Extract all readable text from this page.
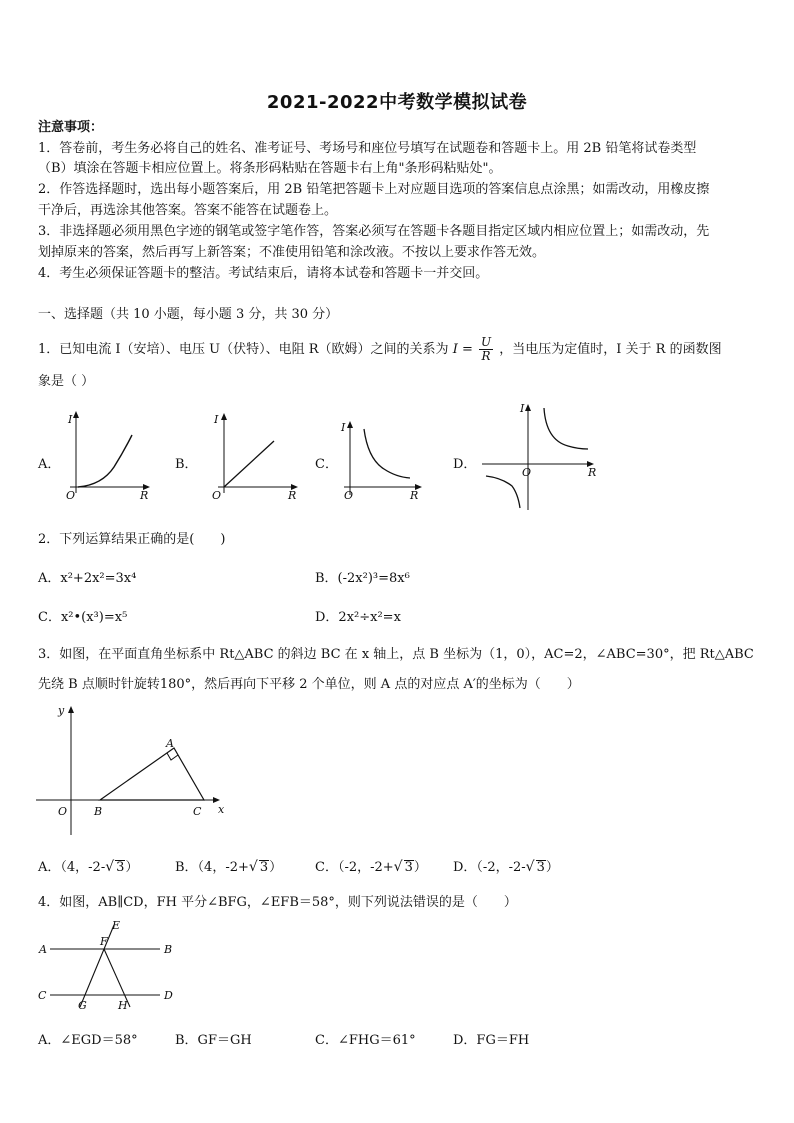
2021-2022中考数学模拟试卷
注意事项：
1．答卷前，考生务必将自己的姓名、准考证号、考场号和座位号填写在试题卷和答题卡上。用 2B 铅笔将试卷类型
（B）填涂在答题卡相应位置上。将条形码粘贴在答题卡右上角"条形码粘贴处"。
2．作答选择题时，选出每小题答案后，用 2B 铅笔把答题卡上对应题目选项的答案信息点涂黑；如需改动，用橡皮擦
干净后，再选涂其他答案。答案不能答在试题卷上。
3．非选择题必须用黑色字迹的钢笔或签字笔作答，答案必须写在答题卡各题目指定区域内相应位置上；如需改动，先
划掉原来的答案，然后再写上新答案；不准使用铅笔和涂改液。不按以上要求作答无效。
4．考生必须保证答题卡的整洁。考试结束后，请将本试卷和答题卡一并交回。
一、选择题（共 10 小题，每小题 3 分，共 30 分）
1．已知电流 I（安培）、电压 U（伏特）、电阻 R（欧姆）之间的关系为 $I = \frac{U}{R}$ ，当电压为定值时，I 关于 R 的函数图
象是（ ）
A．	B．	C．	D．
I
O	R
I
O	R
I
O	R
I
O	R
2．下列运算结果正确的是(　　)
A．x²+2x²=3x⁴	B．(-2x²)³=8x⁶
C．x²•(x³)=x⁵	D．2x²÷x²=x
3．如图，在平面直角坐标系中 Rt△ABC 的斜边 BC 在 x 轴上，点 B 坐标为（1，0），AC=2，∠ABC=30°，把 Rt△ABC
先绕 B 点顺时针旋转180°，然后再向下平移 2 个单位，则 A 点的对应点 A′的坐标为（　　）
y
x
O B	C
A
A．（4，-2-√ 3）	B．（4，-2+√ 3）	C．（-2，-2+√ 3） D．（-2，-2-√ 3）
4．如图，AB∥CD，FH 平分∠BFG，∠EFB＝58°，则下列说法错误的是（　　）
A	B
C	D
E
F
G	H
A．∠EGD＝58°	B．GF＝GH	C．∠FHG＝61°	D．FG＝FH
